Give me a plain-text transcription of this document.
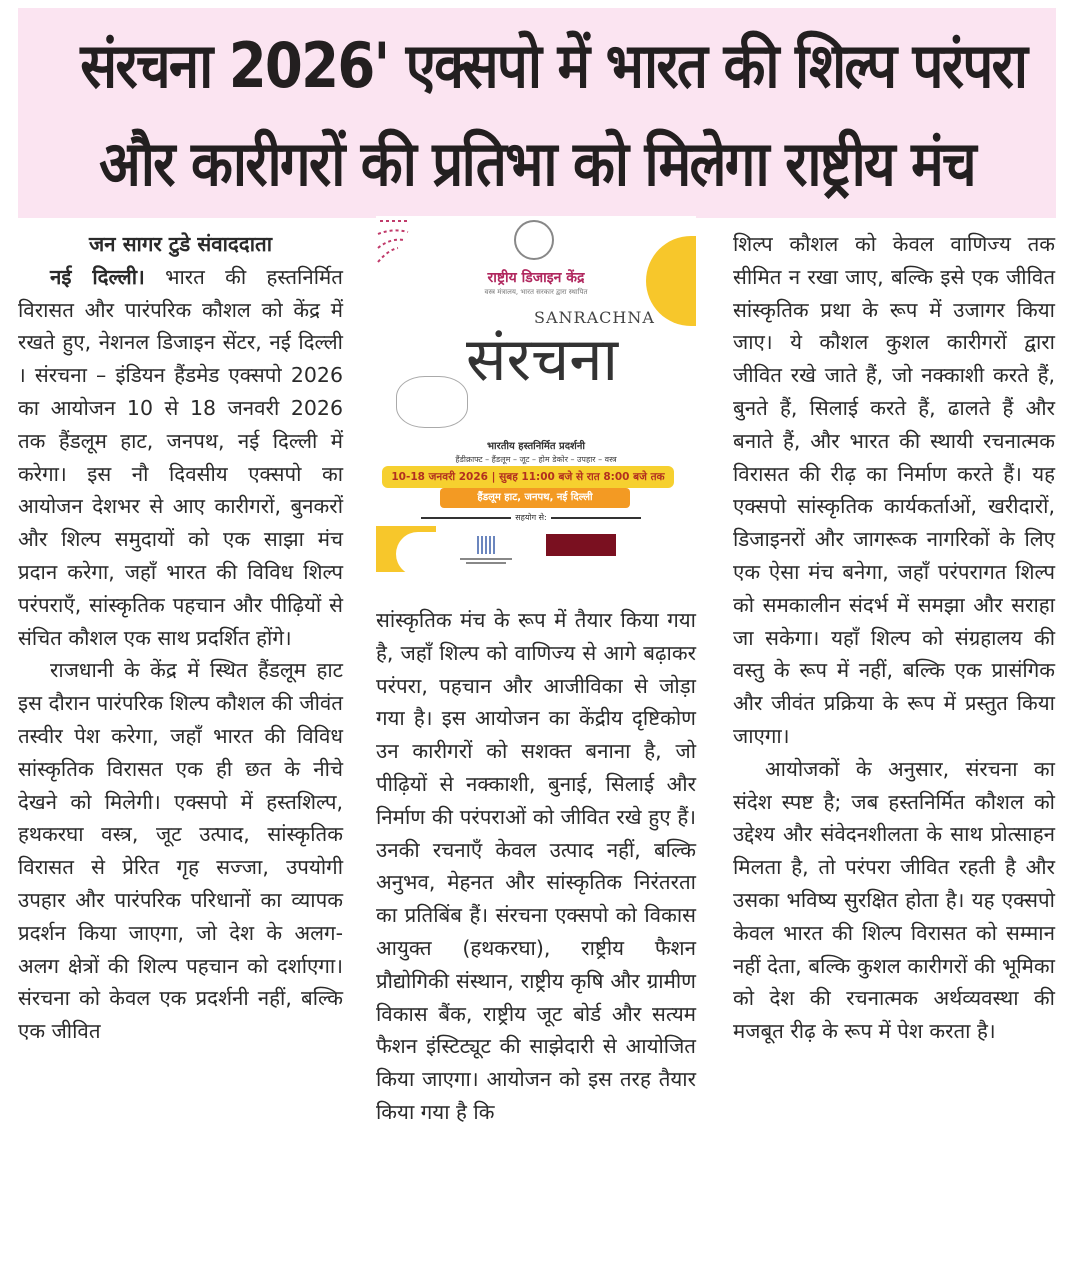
संरचना 2026' एक्सपो में भारत की शिल्प परंपरा
और कारीगरों की प्रतिभा को मिलेगा राष्ट्रीय मंच
जन सागर टुडे संवाददाता

नई दिल्ली। भारत की हस्तनिर्मित विरासत और पारंपरिक कौशल को केंद्र में रखते हुए, नेशनल डिजाइन सेंटर, नई दिल्ली । संरचना – इंडियन हैंडमेड एक्सपो 2026 का आयोजन 10 से 18 जनवरी 2026 तक हैंडलूम हाट, जनपथ, नई दिल्ली में करेगा। इस नौ दिवसीय एक्सपो का आयोजन देशभर से आए कारीगरों, बुनकरों और शिल्प समुदायों को एक साझा मंच प्रदान करेगा, जहाँ भारत की विविध शिल्प परंपराएँ, सांस्कृतिक पहचान और पीढ़ियों से संचित कौशल एक साथ प्रदर्शित होंगे।

राजधानी के केंद्र में स्थित हैंडलूम हाट इस दौरान पारंपरिक शिल्प कौशल की जीवंत तस्वीर पेश करेगा, जहाँ भारत की विविध सांस्कृतिक विरासत एक ही छत के नीचे देखने को मिलेगी। एक्सपो में हस्तशिल्प, हथकरघा वस्त्र, जूट उत्पाद, सांस्कृतिक विरासत से प्रेरित गृह सज्जा, उपयोगी उपहार और पारंपरिक परिधानों का व्यापक प्रदर्शन किया जाएगा, जो देश के अलग-अलग क्षेत्रों की शिल्प पहचान को दर्शाएगा। संरचना को केवल एक प्रदर्शनी नहीं, बल्कि एक जीवित

राष्ट्रीय डिजाइन केंद्र
वस्त्र मंत्रालय, भारत सरकार द्वारा स्थापित
SANRACHNA
संरचना
भारतीय हस्तनिर्मित प्रदर्शनी
हैंडीक्राफ्ट – हैंडलूम – जूट – होम डेकोर – उपहार – वस्त्र
10-18 जनवरी 2026 | सुबह 11:00 बजे से रात 8:00 बजे तक
हैंडलूम हाट, जनपथ, नई दिल्ली
सहयोग से:

सांस्कृतिक मंच के रूप में तैयार किया गया है, जहाँ शिल्प को वाणिज्य से आगे बढ़ाकर परंपरा, पहचान और आजीविका से जोड़ा गया है। इस आयोजन का केंद्रीय दृष्टिकोण उन कारीगरों को सशक्त बनाना है, जो पीढ़ियों से नक्काशी, बुनाई, सिलाई और निर्माण की परंपराओं को जीवित रखे हुए हैं। उनकी रचनाएँ केवल उत्पाद नहीं, बल्कि अनुभव, मेहनत और सांस्कृतिक निरंतरता का प्रतिबिंब हैं। संरचना एक्सपो को विकास आयुक्त (हथकरघा), राष्ट्रीय फैशन प्रौद्योगिकी संस्थान, राष्ट्रीय कृषि और ग्रामीण विकास बैंक, राष्ट्रीय जूट बोर्ड और सत्यम फैशन इंस्टिट्यूट की साझेदारी से आयोजित किया जाएगा। आयोजन को इस तरह तैयार किया गया है कि

शिल्प कौशल को केवल वाणिज्य तक सीमित न रखा जाए, बल्कि इसे एक जीवित सांस्कृतिक प्रथा के रूप में उजागर किया जाए। ये कौशल कुशल कारीगरों द्वारा जीवित रखे जाते हैं, जो नक्काशी करते हैं, बुनते हैं, सिलाई करते हैं, ढालते हैं और बनाते हैं, और भारत की स्थायी रचनात्मक विरासत की रीढ़ का निर्माण करते हैं। यह एक्सपो सांस्कृतिक कार्यकर्ताओं, खरीदारों, डिजाइनरों और जागरूक नागरिकों के लिए एक ऐसा मंच बनेगा, जहाँ परंपरागत शिल्प को समकालीन संदर्भ में समझा और सराहा जा सकेगा। यहाँ शिल्प को संग्रहालय की वस्तु के रूप में नहीं, बल्कि एक प्रासंगिक और जीवंत प्रक्रिया के रूप में प्रस्तुत किया जाएगा।

आयोजकों के अनुसार, संरचना का संदेश स्पष्ट है; जब हस्तनिर्मित कौशल को उद्देश्य और संवेदनशीलता के साथ प्रोत्साहन मिलता है, तो परंपरा जीवित रहती है और उसका भविष्य सुरक्षित होता है। यह एक्सपो केवल भारत की शिल्प विरासत को सम्मान नहीं देता, बल्कि कुशल कारीगरों की भूमिका को देश की रचनात्मक अर्थव्यवस्था की मजबूत रीढ़ के रूप में पेश करता है।
